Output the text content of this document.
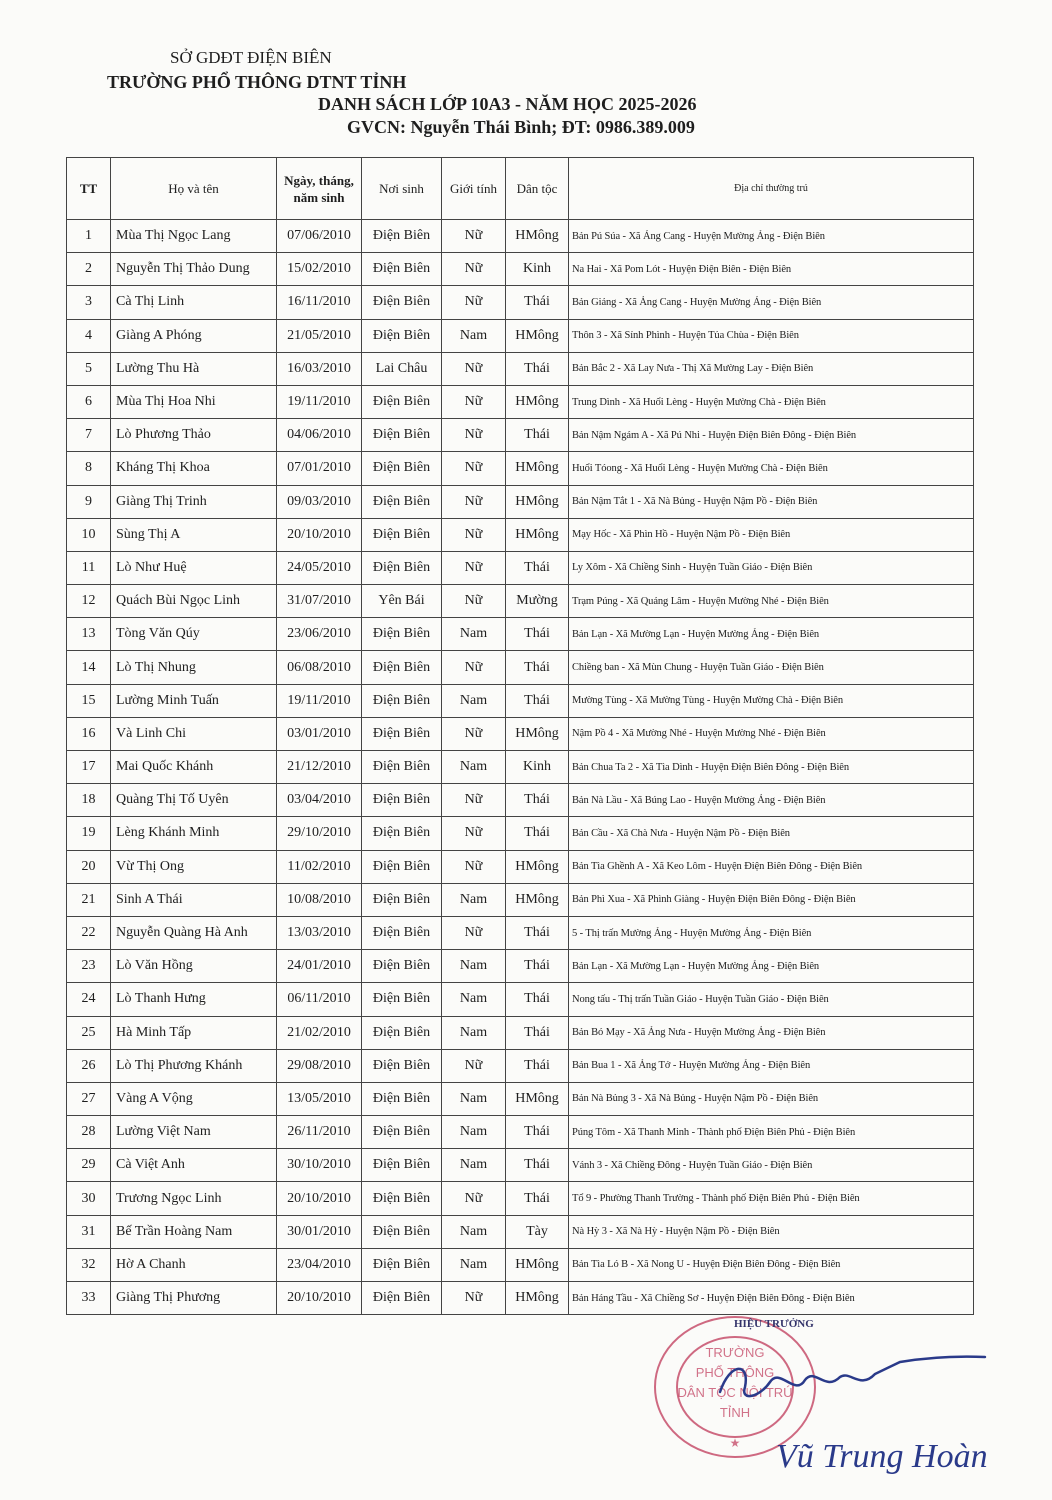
SỞ GDĐT ĐIỆN BIÊN
TRƯỜNG PHỔ THÔNG DTNT TỈNH
DANH SÁCH LỚP 10A3 - NĂM HỌC 2025-2026
GVCN: Nguyễn Thái Bình; ĐT: 0986.389.009
TT	Họ và tên	Ngày, tháng, năm sinh	Nơi sinh	Giới tính	Dân tộc	Địa chỉ thường trú
1	Mùa Thị Ngọc Lang	07/06/2010	Điện Biên	Nữ	HMông	Bản Pú Súa - Xã Ảng Cang - Huyện Mường Ảng - Điện Biên
2	Nguyễn Thị Thảo Dung	15/02/2010	Điện Biên	Nữ	Kinh	Na Hai - Xã Pom Lót - Huyện Điện Biên - Điện Biên
3	Cà Thị Linh	16/11/2010	Điện Biên	Nữ	Thái	Bản Giảng - Xã Ảng Cang - Huyện Mường Ảng - Điện Biên
4	Giàng A Phóng	21/05/2010	Điện Biên	Nam	HMông	Thôn 3 - Xã Sính Phình - Huyện Tủa Chùa - Điện Biên
5	Lường Thu Hà	16/03/2010	Lai Châu	Nữ	Thái	Bản Bắc 2 - Xã Lay Nưa - Thị Xã Mường Lay - Điện Biên
6	Mùa Thị Hoa Nhi	19/11/2010	Điện Biên	Nữ	HMông	Trung Dình - Xã Huổi Lèng - Huyện Mường Chà - Điện Biên
7	Lò Phương Thảo	04/06/2010	Điện Biên	Nữ	Thái	Bản Nậm Ngám A - Xã Pú Nhi - Huyện Điện Biên Đông - Điện Biên
8	Kháng Thị Khoa	07/01/2010	Điện Biên	Nữ	HMông	Huổi Tóong - Xã Huổi Lèng - Huyện Mường Chà - Điện Biên
9	Giàng Thị Trinh	09/03/2010	Điện Biên	Nữ	HMông	Bản Nậm Tắt 1 - Xã Nà Bủng - Huyện Nậm Pồ - Điện Biên
10	Sùng Thị A	20/10/2010	Điện Biên	Nữ	HMông	Mạy Hốc - Xã Phìn Hồ - Huyện Nậm Pồ - Điện Biên
11	Lò Như Huệ	24/05/2010	Điện Biên	Nữ	Thái	Ly Xôm - Xã Chiềng Sinh - Huyện Tuần Giáo - Điện Biên
12	Quách Bùi Ngọc Linh	31/07/2010	Yên Bái	Nữ	Mường	Trạm Púng - Xã Quảng Lâm - Huyện Mường Nhé - Điện Biên
13	Tòng Văn Qúy	23/06/2010	Điện Biên	Nam	Thái	Bản Lạn - Xã Mường Lạn - Huyện Mường Ảng - Điện Biên
14	Lò Thị Nhung	06/08/2010	Điện Biên	Nữ	Thái	Chiềng ban - Xã Mùn Chung - Huyện Tuần Giáo - Điện Biên
15	Lường Minh Tuấn	19/11/2010	Điện Biên	Nam	Thái	Mường Tùng - Xã Mường Tùng - Huyện Mường Chà - Điện Biên
16	Và Linh Chi	03/01/2010	Điện Biên	Nữ	HMông	Nậm Pồ 4 - Xã Mường Nhé - Huyện Mường Nhé - Điện Biên
17	Mai Quốc Khánh	21/12/2010	Điện Biên	Nam	Kinh	Bản Chua Ta 2 - Xã Tìa Dình - Huyện Điện Biên Đông - Điện Biên
18	Quàng Thị Tố Uyên	03/04/2010	Điện Biên	Nữ	Thái	Bản Nà Lầu - Xã Búng Lao - Huyện Mường Ảng - Điện Biên
19	Lèng Khánh Minh	29/10/2010	Điện Biên	Nữ	Thái	Bản Cầu - Xã Chà Nưa - Huyện Nậm Pồ - Điện Biên
20	Vừ Thị Ong	11/02/2010	Điện Biên	Nữ	HMông	Bản Tìa Ghềnh A - Xã Keo Lôm - Huyện Điện Biên Đông - Điện Biên
21	Sinh A Thái	10/08/2010	Điện Biên	Nam	HMông	Bản Phì Xua - Xã Phình Giàng - Huyện Điện Biên Đông - Điện Biên
22	Nguyễn Quàng Hà Anh	13/03/2010	Điện Biên	Nữ	Thái	5 - Thị trấn Mường Ảng - Huyện Mường Ảng - Điện Biên
23	Lò Văn Hồng	24/01/2010	Điện Biên	Nam	Thái	Bản Lạn - Xã Mường Lạn - Huyện Mường Ảng - Điện Biên
24	Lò Thanh Hưng	06/11/2010	Điện Biên	Nam	Thái	Nong tấu - Thị trấn Tuần Giáo - Huyện Tuần Giáo - Điện Biên
25	Hà Minh Tấp	21/02/2010	Điện Biên	Nam	Thái	Bản Bó Mạy - Xã Ảng Nưa - Huyện Mường Ảng - Điện Biên
26	Lò Thị Phương Khánh	29/08/2010	Điện Biên	Nữ	Thái	Bản Bua 1 - Xã Ảng Tở - Huyện Mường Ảng - Điện Biên
27	Vàng A Vộng	13/05/2010	Điện Biên	Nam	HMông	Bản Nà Bủng 3 - Xã Nà Bủng - Huyện Nậm Pồ - Điện Biên
28	Lường Việt Nam	26/11/2010	Điện Biên	Nam	Thái	Púng Tôm - Xã Thanh Minh - Thành phố Điện Biên Phủ - Điện Biên
29	Cà Việt Anh	30/10/2010	Điện Biên	Nam	Thái	Vánh 3 - Xã Chiềng Đông - Huyện Tuần Giáo - Điện Biên
30	Trương Ngọc Linh	20/10/2010	Điện Biên	Nữ	Thái	Tổ 9 - Phường Thanh Trường - Thành phố Điện Biên Phủ - Điện Biên
31	Bế Trần Hoàng Nam	30/01/2010	Điện Biên	Nam	Tày	Nà Hỳ 3 - Xã Nà Hỳ - Huyện Nậm Pồ - Điện Biên
32	Hờ A Chanh	23/04/2010	Điện Biên	Nam	HMông	Bản Tìa Ló B - Xã Nong U - Huyện Điện Biên Đông - Điện Biên
33	Giàng Thị Phương	20/10/2010	Điện Biên	Nữ	HMông	Bản Háng Tầu - Xã Chiềng Sơ - Huyện Điện Biên Đông - Điện Biên
TRƯỜNG
PHỔ THÔNG
DÂN TỘC NỘI TRÚ
TỈNH
★
HIỆU TRƯỞNG
Vũ Trung Hoàn
